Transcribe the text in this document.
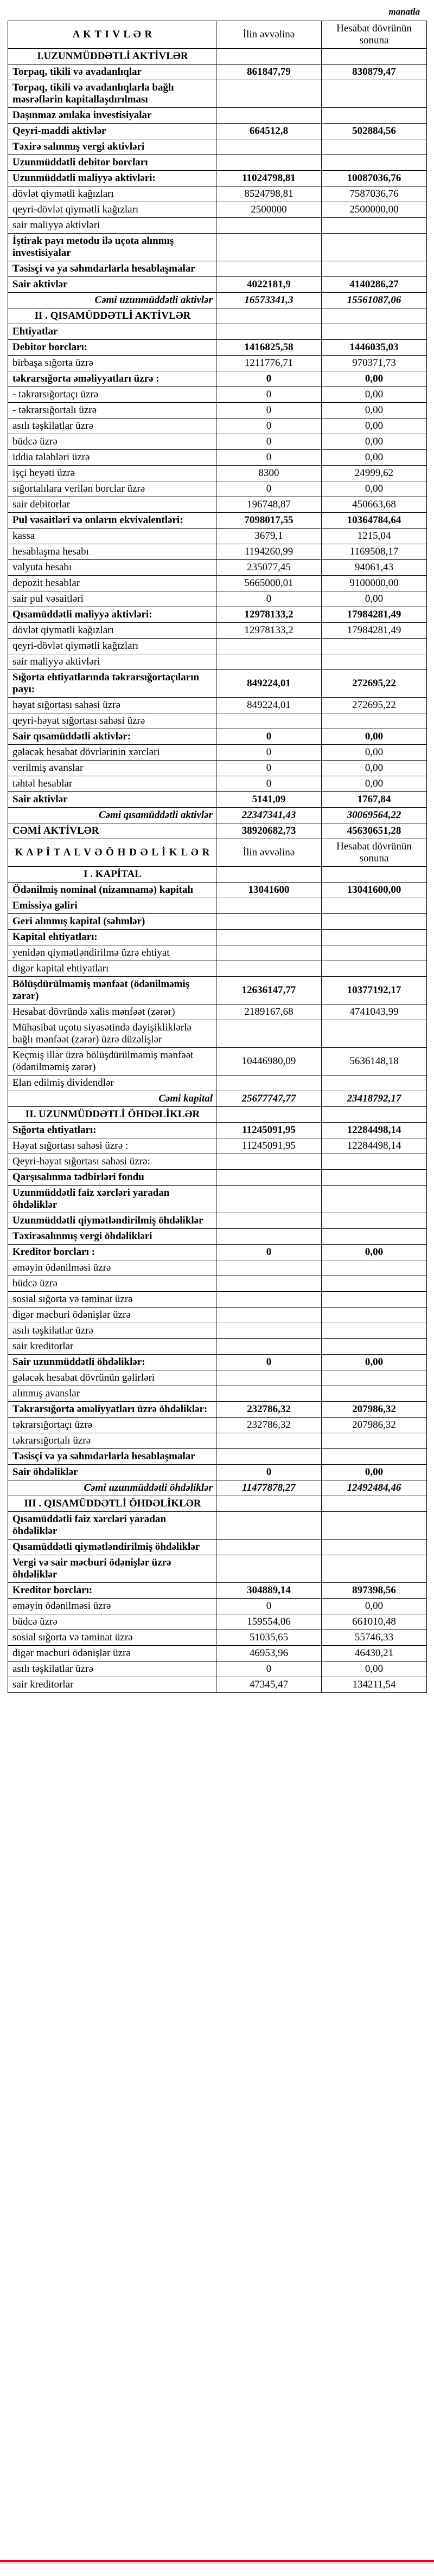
manatla
A K T I V L Ə R	İlin əvvəlinə	Hesabat dövrünün sonuna
I.UZUNMÜDDƏTLİ AKTİVLƏR		
Torpaq, tikili və avadanlıqlar	861847,79	830879,47
Torpaq, tikili və avadanlıqlarla bağlı məsrəflərin kapitallaşdırılması		
Daşınmaz əmlaka investisiyalar		
Qeyri-maddi aktivlər	664512,8	502884,56
Təxirə salınmış vergi aktivləri		
Uzunmüddətli debitor borcları		
Uzunmüddətli maliyyə aktivləri:	11024798,81	10087036,76
dövlət qiymətli kağızları	8524798,81	7587036,76
qeyri-dövlət qiymətli kağızları	2500000	2500000,00
sair maliyyə aktivləri		
İştirak payı metodu ilə uçota alınmış investisiyalar		
Təsisçi və ya səhmdarlarla hesablaşmalar		
Sair aktivlər	4022181,9	4140286,27
Cəmi uzunmüddətli aktivlər	16573341,3	15561087,06
II . QISAMÜDDƏTLİ AKTİVLƏR		
Ehtiyatlar		
Debitor borcları:	1416825,58	1446035,03
birbaşa sığorta üzrə	1211776,71	970371,73
təkrarsığorta əməliyyatları üzrə :	0	0,00
- təkrarsığortaçı üzrə	0	0,00
- təkrarsığortalı üzrə	0	0,00
asılı təşkilatlar üzrə	0	0,00
büdcə üzrə	0	0,00
iddia tələbləri üzrə	0	0,00
işçi heyəti üzrə	8300	24999,62
sığortalılara verilən borclar üzrə	0	0,00
sair debitorlar	196748,87	450663,68
Pul vəsaitləri və onların ekvivalentləri:	7098017,55	10364784,64
kassa	3679,1	1215,04
hesablaşma hesabı	1194260,99	1169508,17
valyuta hesabı	235077,45	94061,43
depozit hesablar	5665000,01	9100000,00
sair pul vəsaitləri	0	0,00
Qısamüddətli maliyyə aktivləri:	12978133,2	17984281,49
dövlət qiymətli kağızları	12978133,2	17984281,49
qeyri-dövlət qiymətli kağızları		
sair maliyyə aktivləri		
Sığorta ehtiyatlarında təkrarsığortaçıların payı:	849224,01	272695,22
həyat sığortası sahəsi üzrə	849224,01	272695,22
qeyri-həyat sığortası sahəsi üzrə		
Sair qısamüddətli aktivlər:	0	0,00
gələcək hesabat dövrlərinin xərcləri	0	0,00
verilmiş avanslar	0	0,00
təhtəl hesablar	0	0,00
Sair aktivlər	5141,09	1767,84
Cəmi qısamüddətli aktivlər	22347341,43	30069564,22
CƏMİ AKTİVLƏR	38920682,73	45630651,28
K A P İ T A L V Ə Ö H D Ə L İ K L Ə R	İlin əvvəlinə	Hesabat dövrünün sonuna
I . KAPİTAL		
Ödənilmiş nominal (nizamnamə) kapitalı	13041600	13041600,00
Emissiya gəliri		
Geri alınmış kapital (səhmlər)		
Kapital ehtiyatları:		
yenidən qiymətləndirilmə üzrə ehtiyat		
digər kapital ehtiyatları		
Bölüşdürülməmiş mənfəət (ödənilməmiş zərər)	12636147,77	10377192,17
Hesabat dövründə xalis mənfəət (zərər)	2189167,68	4741043,99
Mühasibat uçotu siyasətində dəyişikliklərlə bağlı mənfəət (zərər) üzrə düzəlişlər		
Keçmiş illər üzrə bölüşdürülməmiş mənfəət (ödənilməmiş zərər)	10446980,09	5636148,18
Elan edilmiş dividendlər		
Cəmi kapital	25677747,77	23418792,17
II. UZUNMÜDDƏTLİ ÖHDƏLİKLƏR		
Sığorta ehtiyatları:	11245091,95	12284498,14
Həyat sığortası sahəsi üzrə :	11245091,95	12284498,14
Qeyri-həyat sığortası sahəsi üzrə:		
Qarşısalınma tədbirləri fondu		
Uzunmüddətli faiz xərcləri yaradan öhdəliklər		
Uzunmüddətli qiymətləndirilmiş öhdəliklər		
Təxirəsalınmış vergi öhdəlikləri		
Kreditor borcları :	0	0,00
əməyin ödənilməsi üzrə		
büdcə üzrə		
sosial sığorta və təminat üzrə		
digər məcburi ödənişlər üzrə		
asılı təşkilatlar üzrə		
sair kreditorlar		
Sair uzunmüddətli öhdəliklər:	0	0,00
gələcək hesabat dövrünün gəlirləri		
alınmış avanslar		
Təkrarsığorta əməliyyatları üzrə öhdəliklər:	232786,32	207986,32
təkrarsığortaçı üzrə	232786,32	207986,32
təkrarsığortalı üzrə		
Təsisçi və ya səhmdarlarla hesablaşmalar		
Sair öhdəliklər	0	0,00
Cəmi uzunmüddətli öhdəliklər	11477878,27	12492484,46
III . QISAMÜDDƏTLİ ÖHDƏLİKLƏR		
Qısamüddətli faiz xərcləri yaradan öhdəliklər		
Qısamüddətli qiymətləndirilmiş öhdəliklər		
Vergi və sair məcburi ödənişlər üzrə öhdəliklər		
Kreditor borcları:	304889,14	897398,56
əməyin ödənilməsi üzrə	0	0,00
büdcə üzrə	159554,06	661010,48
sosial sığorta və təminat üzrə	51035,65	55746,33
digər məcburi ödənişlər üzrə	46953,96	46430,21
asılı təşkilatlar üzrə	0	0,00
sair kreditorlar	47345,47	134211,54
